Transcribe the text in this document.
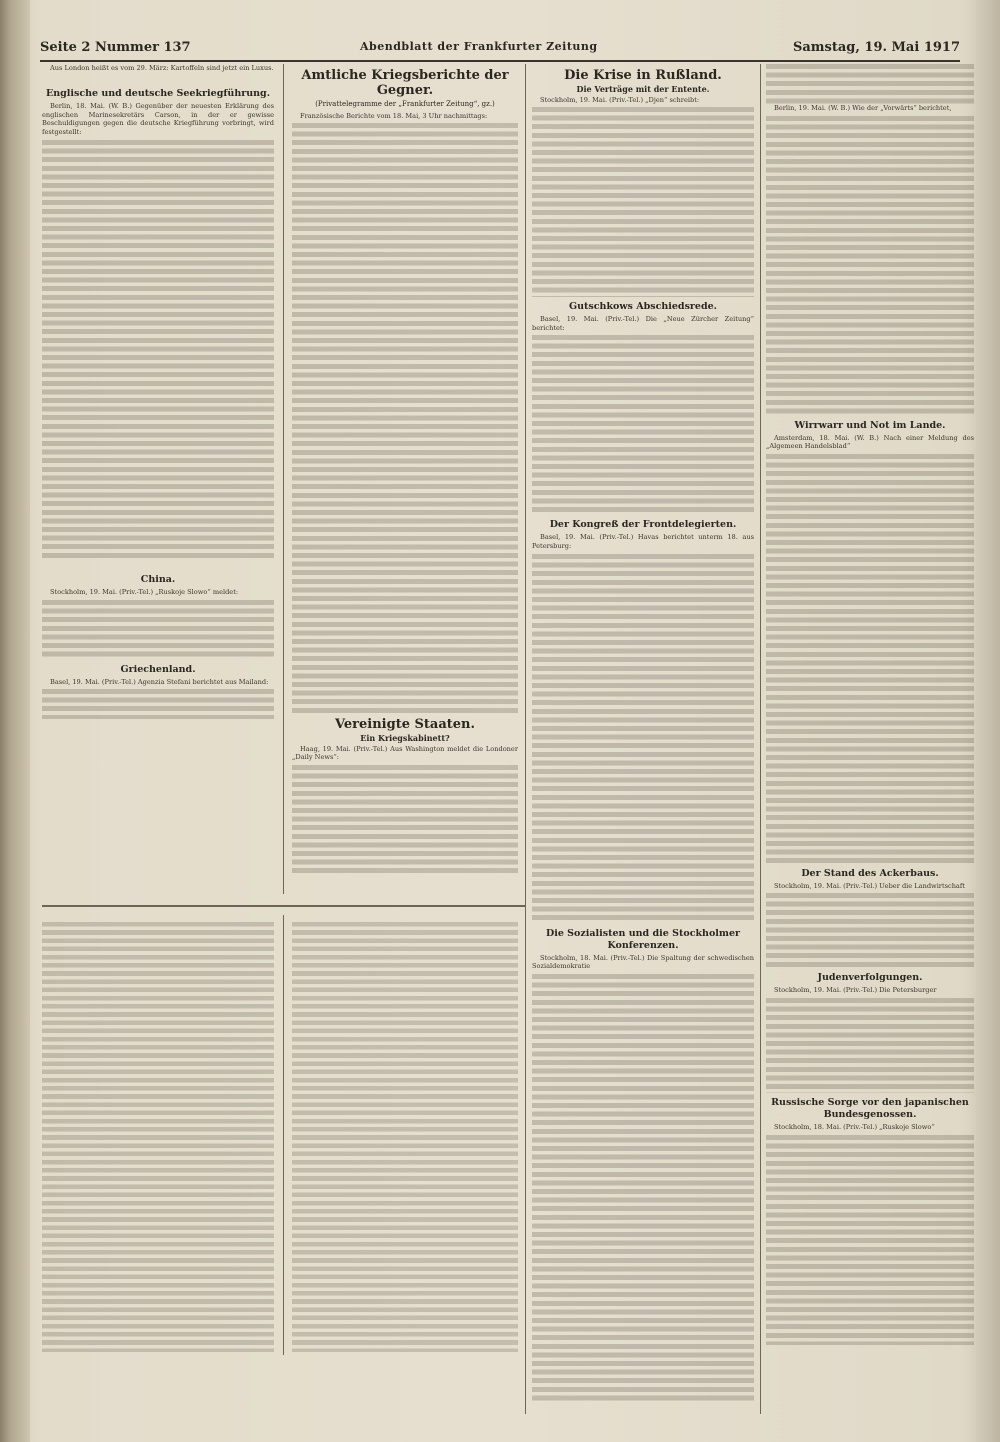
Seite 2 Nummer 137	Abendblatt der Frankfurter Zeitung	Samstag, 19. Mai 1917

Aus London heißt es vom 29. März: Kartoffeln sind jetzt ein Luxus.

Englische und deutsche Seekriegführung.

Berlin, 18. Mai. (W. B.) Gegenüber der neuesten Erklärung des englischen Marinesekretärs Carson, in der er gewisse Beschuldigungen gegen die deutsche Kriegführung vorbringt, wird festgestellt:

China.

Stockholm, 19. Mai. (Priv.-Tel.) „Ruskoje Slowo“ meldet:

Griechenland.

Basel, 19. Mai. (Priv.-Tel.) Agenzia Stefani berichtet aus Mailand:

Amtliche Kriegsberichte der Gegner.
(Privattelegramme der „Frankfurter Zeitung“, gz.)

Französische Berichte vom 18. Mai, 3 Uhr nachmittags:

Vereinigte Staaten.
Ein Kriegskabinett?

Haag, 19. Mai. (Priv.-Tel.) Aus Washington meldet die Londoner „Daily News“:

Die Krise in Rußland.
Die Verträge mit der Entente.

Stockholm, 19. Mai. (Priv.-Tel.) „Djen“ schreibt:

Gutschkows Abschiedsrede.

Basel, 19. Mai. (Priv.-Tel.) Die „Neue Zürcher Zeitung“ berichtet:

Der Kongreß der Frontdelegierten.

Basel, 19. Mai. (Priv.-Tel.) Havas berichtet unterm 18. aus Petersburg:

Die Sozialisten und die Stockholmer Konferenzen.

Stockholm, 18. Mai. (Priv.-Tel.) Die Spaltung der schwedischen Sozialdemokratie

Berlin, 19. Mai. (W. B.) Wie der „Vorwärts“ berichtet,

Wirrwarr und Not im Lande.

Amsterdam, 18. Mai. (W. B.) Nach einer Meldung des „Algemeen Handelsblad“

Der Stand des Ackerbaus.

Stockholm, 19. Mai. (Priv.-Tel.) Ueber die Landwirtschaft

Judenverfolgungen.

Stockholm, 19. Mai. (Priv.-Tel.) Die Petersburger

Russische Sorge vor den japanischen Bundesgenossen.

Stockholm, 18. Mai. (Priv.-Tel.) „Ruskoje Slowo“
